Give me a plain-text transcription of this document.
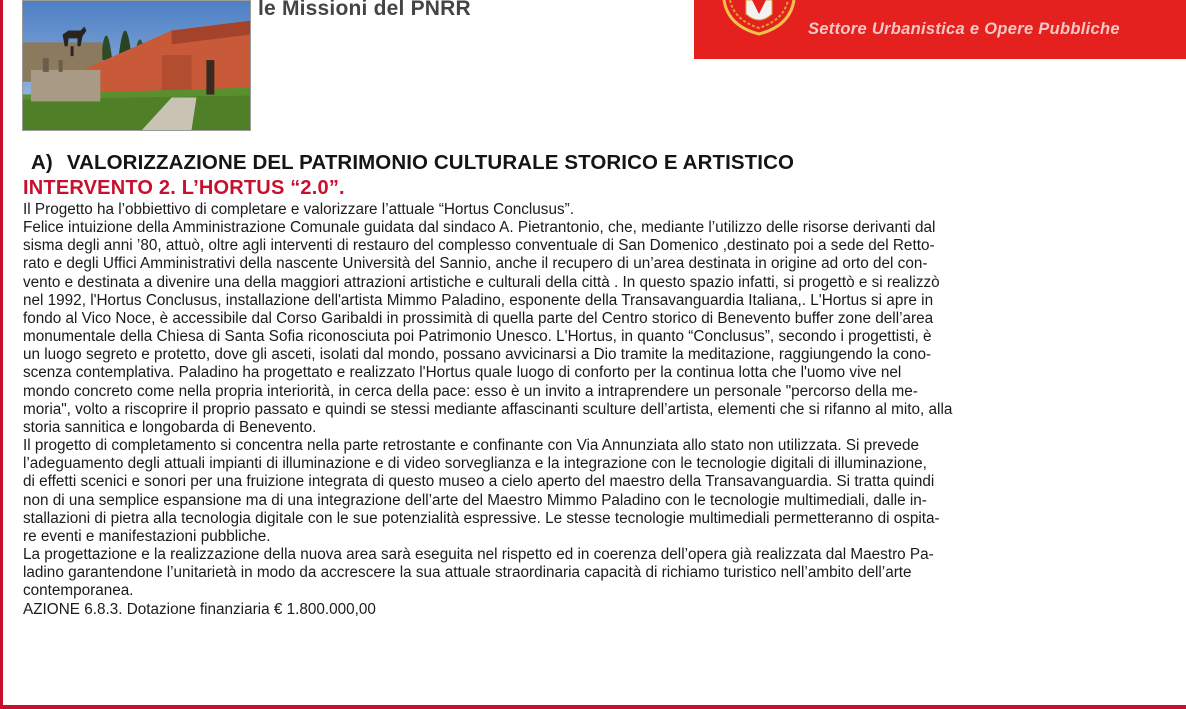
le Missioni del PNRR
Settore Urbanistica e Opere Pubbliche
A) VALORIZZAZIONE DEL PATRIMONIO CULTURALE STORICO E ARTISTICO
INTERVENTO 2. L’HORTUS “2.0”.

Il Progetto ha l’obbiettivo di completare e valorizzare l’attuale “Hortus Conclusus”.
Felice intuizione della Amministrazione Comunale guidata dal sindaco A. Pietrantonio, che, mediante l’utilizzo delle risorse derivanti dal
sisma degli anni ’80, attuò, oltre agli interventi di restauro del complesso conventuale di San Domenico ,destinato poi a sede del Retto-
rato e degli Uffici Amministrativi della nascente Università del Sannio, anche il recupero di un’area destinata in origine ad orto del con-
vento e destinata a divenire una della maggiori attrazioni artistiche e culturali della città . In questo spazio infatti, si progettò e si realizzò
nel 1992, l'Hortus Conclusus, installazione dell'artista Mimmo Paladino, esponente della Transavanguardia Italiana,. L'Hortus si apre in
fondo al Vico Noce, è accessibile dal Corso Garibaldi in prossimità di quella parte del Centro storico di Benevento buffer zone dell’area
monumentale della Chiesa di Santa Sofia riconosciuta poi Patrimonio Unesco. L'Hortus, in quanto “Conclusus”, secondo i progettisti, è
un luogo segreto e protetto, dove gli asceti, isolati dal mondo, possano avvicinarsi a Dio tramite la meditazione, raggiungendo la cono-
scenza contemplativa. Paladino ha progettato e realizzato l'Hortus quale luogo di conforto per la continua lotta che l'uomo vive nel
mondo concreto come nella propria interiorità, in cerca della pace: esso è un invito a intraprendere un personale "percorso della me-
moria", volto a riscoprire il proprio passato e quindi se stessi mediante affascinanti sculture dell’artista, elementi che si rifanno al mito, alla
storia sannitica e longobarda di Benevento.
Il progetto di completamento si concentra nella parte retrostante e confinante con Via Annunziata allo stato non utilizzata. Si prevede
l’adeguamento degli attuali impianti di illuminazione e di video sorveglianza e la integrazione con le tecnologie digitali di illuminazione,
di effetti scenici e sonori per una fruizione integrata di questo museo a cielo aperto del maestro della Transavanguardia. Si tratta quindi
non di una semplice espansione ma di una integrazione dell’arte del Maestro Mimmo Paladino con le tecnologie multimediali, dalle in-
stallazioni di pietra alla tecnologia digitale con le sue potenzialità espressive. Le stesse tecnologie multimediali permetteranno di ospita-
re eventi e manifestazioni pubbliche.
La progettazione e la realizzazione della nuova area sarà eseguita nel rispetto ed in coerenza dell’opera già realizzata dal Maestro Pa-
ladino garantendone l’unitarietà in modo da accrescere la sua attuale straordinaria capacità di richiamo turistico nell’ambito dell’arte
contemporanea.
AZIONE 6.8.3. Dotazione finanziaria € 1.800.000,00
